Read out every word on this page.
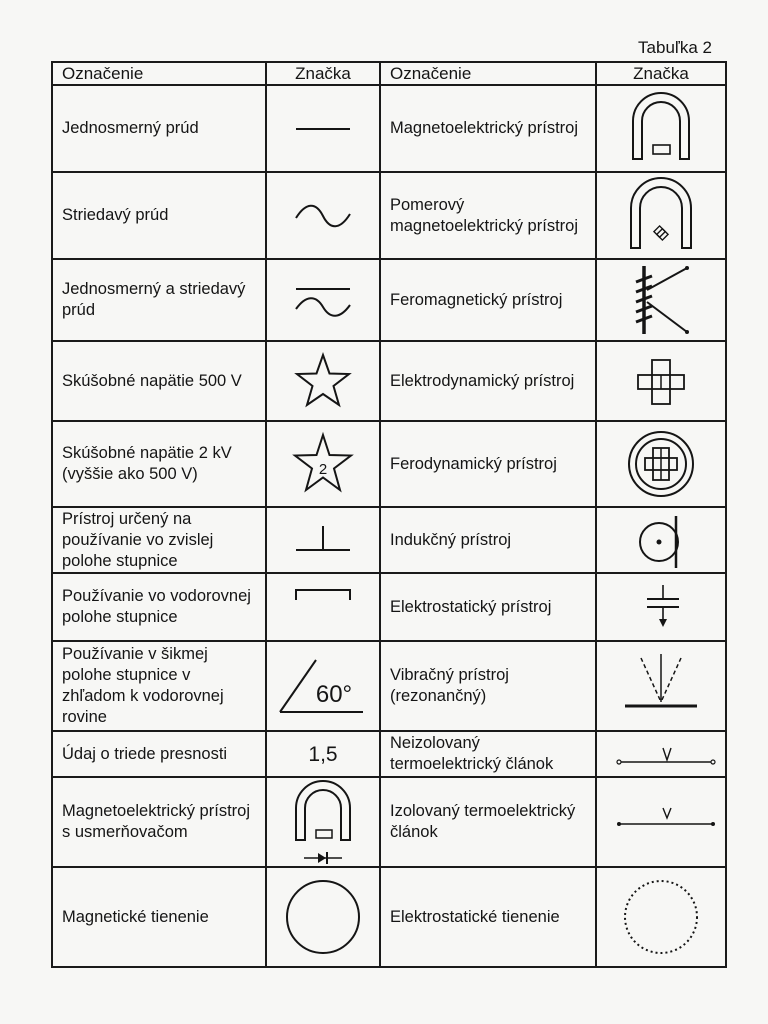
Tabuľka 2
Označenie	Značka	Označenie	Značka

Jednosmerný prúd		Magnetoelektrický prístroj

Striedavý prúd		Pomerový magnetoelektrický prístroj

Jednosmerný a striedavý prúd		Feromagnetický prístroj

Skúšobné napätie 500 V		Elektrodynamický prístroj

Skúšobné napätie 2 kV (vyššie ako 500 V)	2	Ferodynamický prístroj

Prístroj určený na používanie vo zvislej polohe stupnice		Indukčný prístroj

Používanie vo vodorovnej polohe stupnice		Elektrostatický prístroj

Používanie v šikmej polohe stupnice v zhľadom k vodorovnej rovine	60°	Vibračný prístroj (rezonančný)

Údaj o triede presnosti	1,5	Neizolovaný termoelektrický článok

Magnetoelektrický prístroj s usmerňovačom		Izolovaný termoelektrický článok

Magnetické tienenie		Elektrostatické tienenie
